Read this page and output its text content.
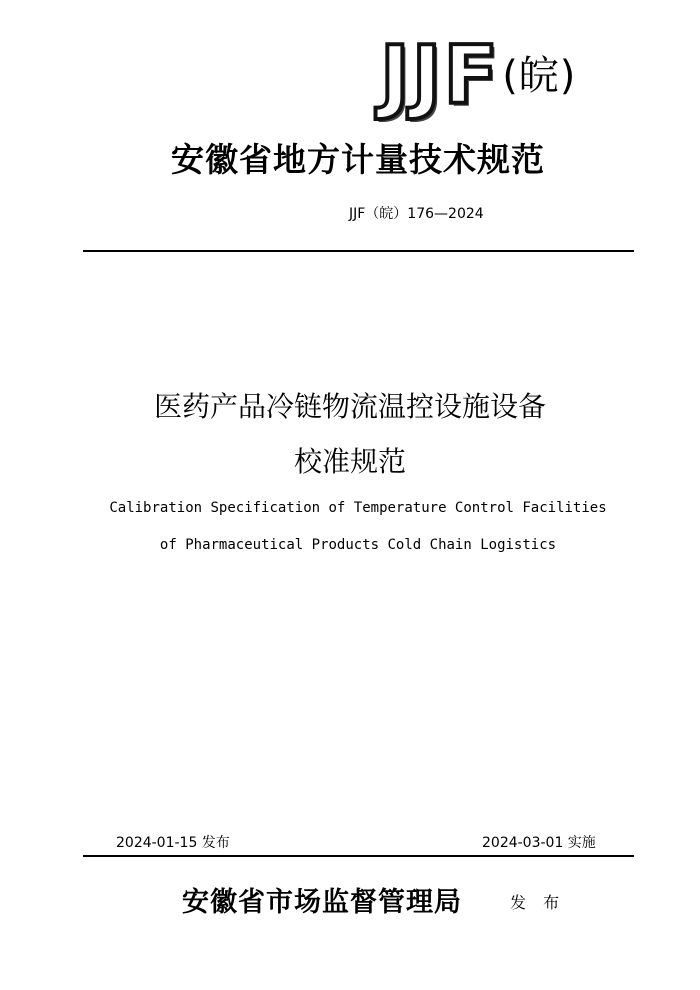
JJF (皖)
安徽省地方计量技术规范
JJF（皖）176—2024
医药产品冷链物流温控设施设备
校准规范
Calibration Specification of Temperature Control Facilities
of Pharmaceutical Products Cold Chain Logistics
2024-01-15 发布	2024-03-01 实施
安徽省市场监督管理局	发 布
